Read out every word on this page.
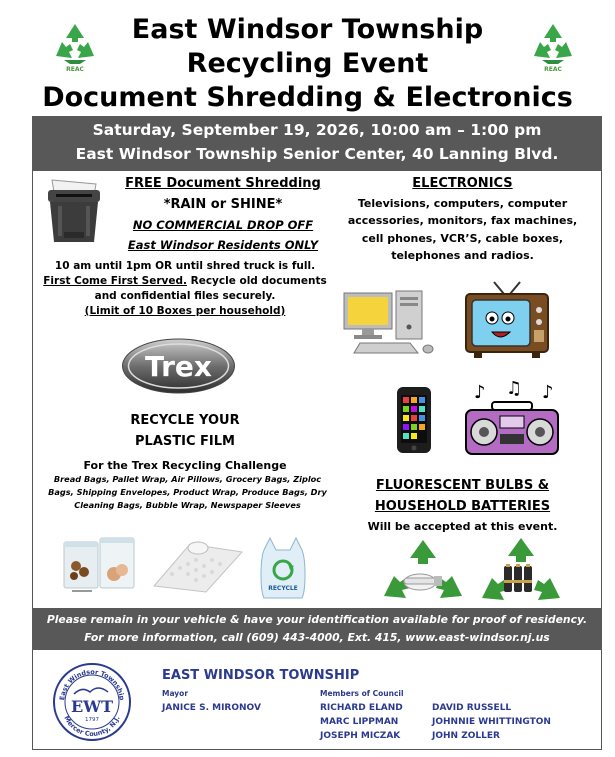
REAC	REAC
East Windsor Township
Recycling Event
Document Shredding & Electronics
Saturday, September 19, 2026, 10:00 am – 1:00 pm
East Windsor Township Senior Center, 40 Lanning Blvd.
FREE Document Shredding
*RAIN or SHINE*
NO COMMERCIAL DROP OFF
East Windsor Residents ONLY
10 am until 1pm OR until shred truck is full.
First Come First Served. Recycle old documents
and confidential files securely.
(Limit of 10 Boxes per household)
Trex
RECYCLE YOUR
PLASTIC FILM
For the Trex Recycling Challenge
Bread Bags, Pallet Wrap, Air Pillows, Grocery Bags, Ziploc Bags, Shipping Envelopes, Product Wrap, Produce Bags, Dry Cleaning Bags, Bubble Wrap, Newspaper Sleeves
RECYCLE
ELECTRONICS
Televisions, computers, computer accessories, monitors, fax machines, cell phones, VCR’S, cable boxes, telephones and radios.
♪ ♫ ♪
FLUORESCENT BULBS &
HOUSEHOLD BATTERIES
Will be accepted at this event.
Please remain in your vehicle & have your identification available for proof of residency.
For more information, call (609) 443-4000, Ext. 415, www.east-windsor.nj.us
East Windsor Township
Mercer County, N.J.
EWT
1797
EAST WINDSOR TOWNSHIP
Mayor
JANICE S. MIRONOV
Members of Council
RICHARD ELAND
MARC LIPPMAN
JOSEPH MICZAK
DAVID RUSSELL
JOHNNIE WHITTINGTON
JOHN ZOLLER
